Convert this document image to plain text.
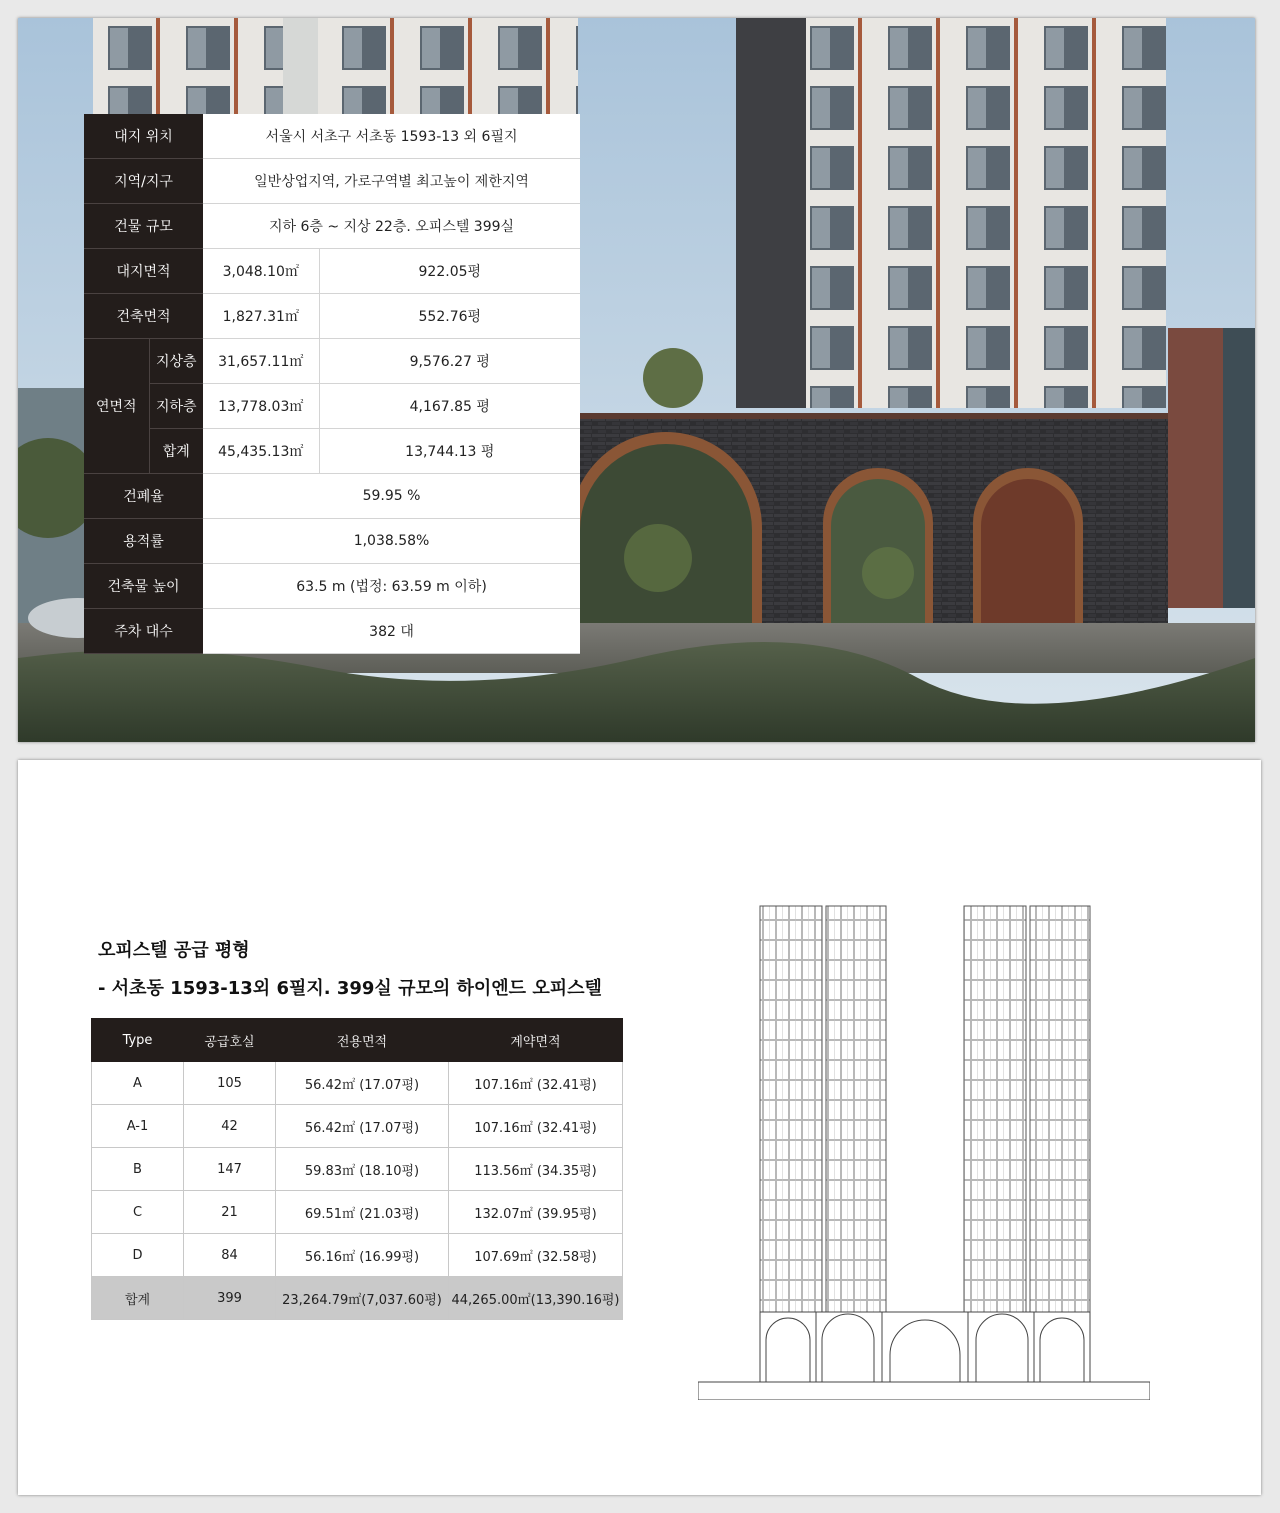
대지 위치		서울시 서초구 서초동 1593-13 외 6필지	
지역/지구		일반상업지역, 가로구역별 최고높이 제한지역	
건물 규모		지하 6층 ~ 지상 22층. 오피스텔 399실	
대지면적		3,048.10㎡	922.05평
건축면적		1,827.31㎡	552.76평
연면적	지상층	31,657.11㎡	9,576.27 평
	지하층	13,778.03㎡	4,167.85 평
	합계	45,435.13㎡	13,744.13 평
건폐율		59.95 %	
용적률		1,038.58%	
건축물 높이		63.5 m (법정: 63.59 m 이하)	
주차 대수		382 대	
오피스텔 공급 평형

- 서초동 1593-13외 6필지. 399실 규모의 하이엔드 오피스텔

Type	공급호실	전용면적	계약면적
A	105	56.42㎡ (17.07평)	107.16㎡ (32.41평)
A-1	42	56.42㎡ (17.07평)	107.16㎡ (32.41평)
B	147	59.83㎡ (18.10평)	113.56㎡ (34.35평)
C	21	69.51㎡ (21.03평)	132.07㎡ (39.95평)
D	84	56.16㎡ (16.99평)	107.69㎡ (32.58평)
합계	399	23,264.79㎡(7,037.60평)	44,265.00㎡(13,390.16평)
